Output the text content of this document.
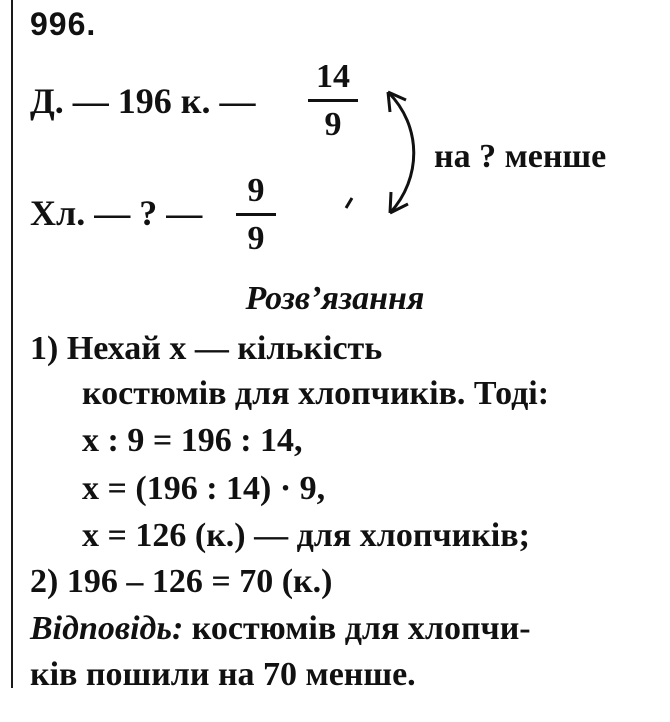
996.
Д. — 196 к. —
14
9
Хл. — ? —
9
9
на ? менше
Розв’язання
1) Нехай x — кількість
костюмів для хлопчиків. Тоді:
x : 9 = 196 : 14,
x = (196 : 14) · 9,
x = 126 (к.) — для хлопчиків;
2) 196 – 126 = 70 (к.)
Відповідь: костюмів для хлопчи-
ків пошили на 70 менше.
